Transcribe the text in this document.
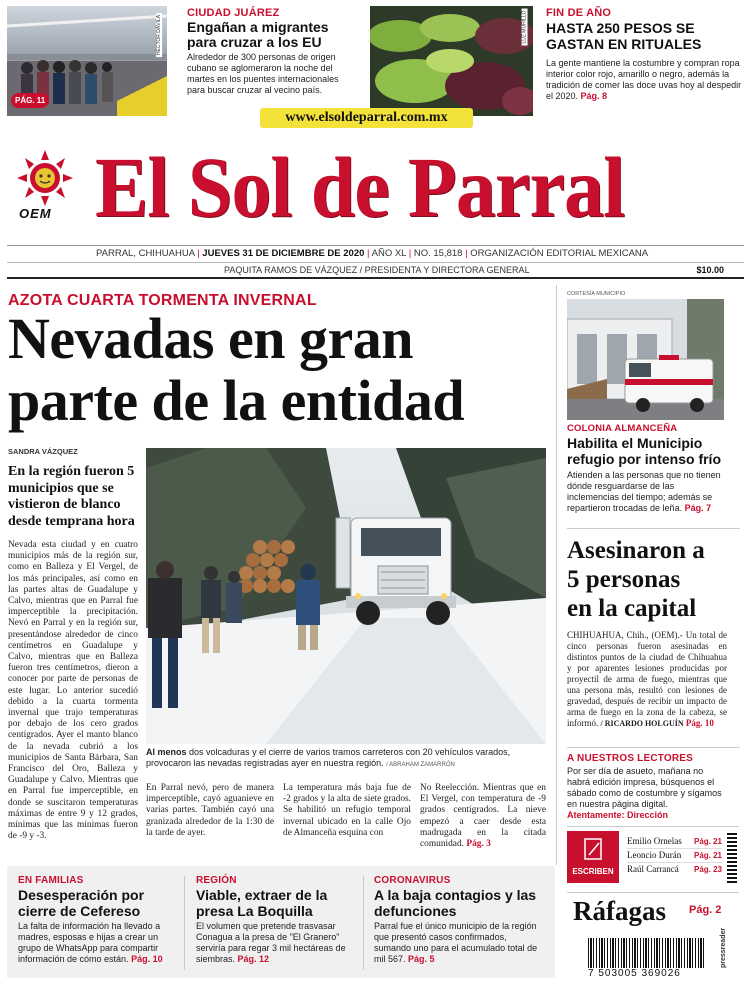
PÁG. 11
HÉCTOR DÁVILA
CIUDAD JUÁREZ
Engañan a migrantes para cruzar a los EU
Alrededor de 300 personas de origen cubano se aglomeraron la noche del martes en los puentes internacionales para buscar cruzar al vecino país.
LUZ MURILLO FIN DE AÑO
HASTA 250 PESOS SE GASTAN EN RITUALES
La gente mantiene la costumbre y compran ropa interior color rojo, amarillo o negro, además la tradición de comer las doce uvas hoy al despedir el 2020. Pág. 8
www.elsoldeparral.com.mx
OEM El Sol de Parral
PARRAL, CHIHUAHUA | JUEVES 31 DE DICIEMBRE DE 2020 | AÑO XL | NO. 15,818 | ORGANIZACIÓN EDITORIAL MEXICANA
PAQUITA RAMOS DE VÁZQUEZ / PRESIDENTA Y DIRECTORA GENERAL	$10.00
AZOTA CUARTA TORMENTA INVERNAL
Nevadas en gran
parte de la entidad
SANDRA VÁZQUEZ
En la región fueron 5 municipios que se vistieron de blanco desde temprana hora
Nevada esta ciudad y en cuatro municipios más de la región sur, como en Balleza y El Vergel, de los más principales, así como en las partes altas de Guadalupe y Calvo, mientras que en Parral fue imperceptible la precipitación. Nevó en Parral y en la región sur, presentándose alrededor de cinco centímetros en Guadalupe y Calvo, mientras que en Balleza fueron tres centímetros, dieron a conocer por parte de personas de este lugar. Lo anterior sucedió debido a la cuarta tormenta invernal que trajo temperaturas por debajo de los cero grados centígrados. Ayer el manto blanco de la nevada cubrió a los municipios de Santa Bárbara, San Francisco del Oro, Balleza y Guadalupe y Calvo. Mientras que en Parral fue imperceptible, en donde se suscitaron temperaturas máximas de entre 9 y 12 grados, mínimas que las mínimas fueron de -9 y -3.
Al menos dos volcaduras y el cierre de varios tramos carreteros con 20 vehículos varados, provocaron las nevadas registradas ayer en nuestra región. / ABRAHAM ZAMARRÓN
En Parral nevó, pero de manera imperceptible, cayó aguanieve en varias partes. También cayó una granizada alrededor de la 1:30 de la tarde de ayer.
La temperatura más baja fue de -2 grados y la alta de siete grados. Se habilitó un refugio temporal invernal ubicado en la calle Ojo de Almanceña esquina con
No Reelección. Mientras que en El Vergel, con temperatura de -9 grados centígrados. La nieve empezó a caer desde esta madrugada en la citada comunidad. Pág. 3
CORTESÍA MUNICIPIO
COLONIA ALMANCEÑA
Habilita el Municipio refugio por intenso frío
Atienden a las personas que no tienen dónde resguardarse de las inclemencias del tiempo; además se repartieron trocadas de leña. Pág. 7
Asesinaron a 5 personas en la capital
CHIHUAHUA, Chih., (OEM).- Un total de cinco personas fueron asesinadas en distintos puntos de la ciudad de Chihuahua y por aparentes lesiones producidas por proyectil de arma de fuego, mientras que una persona más, resultó con lesiones de gravedad, después de recibir un impacto de arma de fuego en la zona de la cabeza, se informó. / RICARDO HOLGUÍN Pág. 10
A NUESTROS LECTORES
Por ser día de asueto, mañana no habrá edición impresa, búsquenos el sábado como de costumbre y sígamos en nuestra página digital. Atentamente: Dirección
ESCRIBEN
Emilio Ornelas Pág. 21
Leoncio Durán Pág. 21
Raúl Carrancá Pág. 23
Ráfagas Pág. 2
7 503005 369026
pressreader
EN FAMILIAS
Desesperación por cierre de Cefereso
La falta de información ha llevado a madres, esposas e hijas a crear un grupo de WhatsApp para compartir información de cómo están. Pág. 10
REGIÓN
Viable, extraer de la presa La Boquilla
El volumen que pretende trasvasar Conagua a la presa de "El Granero" serviría para regar 3 mil hectáreas de siembras. Pág. 12
CORONAVIRUS
A la baja contagios y las defunciones
Parral fue el único municipio de la región que presentó casos confirmados, sumando uno para el acumulado total de mil 567. Pág. 5
